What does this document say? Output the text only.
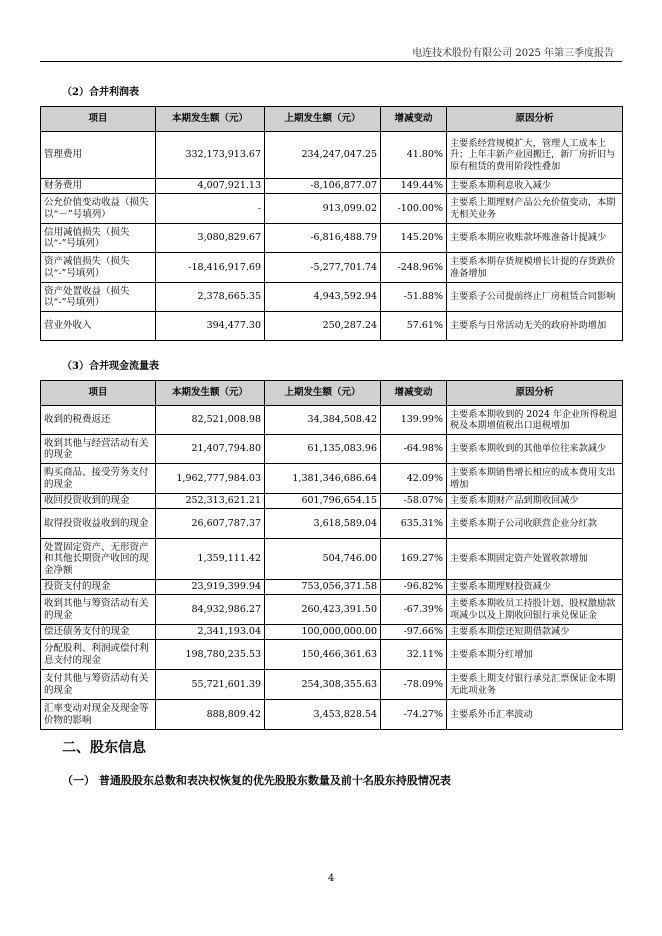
电连技术股份有限公司 2025 年第三季度报告
（2）合并利润表
项目	本期发生额（元）	上期发生额（元）	增减变动	原因分析
管理费用	332,173,913.67	234,247,047.25	41.80%	主要系经营规模扩大，管理人工成本上升；上年丰新产业园搬迁，新厂房折旧与原有租赁的费用阶段性叠加
财务费用	4,007,921.13	-8,106,877.07	149.44%	主要系本期利息收入减少
公允价值变动收益（损失以“－”号填列）	-	913,099.02	-100.00%	主要系上期理财产品公允价值变动，本期无相关业务
信用减值损失（损失以“-”号填列）	3,080,829.67	-6,816,488.79	145.20%	主要系本期应收账款坏账准备计提减少
资产减值损失（损失以“-”号填列）	-18,416,917.69	-5,277,701.74	-248.96%	主要系本期存货规模增长计提的存货跌价准备增加
资产处置收益（损失以“-”号填列）	2,378,665.35	4,943,592.94	-51.88%	主要系子公司提前终止厂房租赁合同影响
营业外收入	394,477.30	250,287.24	57.61%	主要系与日常活动无关的政府补助增加
（3）合并现金流量表
项目	本期发生额（元）	上期发生额（元）	增减变动	原因分析
收到的税费返还	82,521,008.98	34,384,508.42	139.99%	主要系本期收到的 2024 年企业所得税退税及本期增值税出口退税增加
收到其他与经营活动有关的现金	21,407,794.80	61,135,083.96	-64.98%	主要系本期收到的其他单位往来款减少
购买商品、接受劳务支付的现金	1,962,777,984.03	1,381,346,686.64	42.09%	主要系本期销售增长相应的成本费用支出增加
收回投资收到的现金	252,313,621.21	601,796,654.15	-58.07%	主要系本期财产品到期收回减少
取得投资收益收到的现金	26,607,787.37	3,618,589.04	635.31%	主要系本期子公司收联营企业分红款
处置固定资产、无形资产和其他长期资产收回的现金净额	1,359,111.42	504,746.00	169.27%	主要系本期固定资产处置收款增加
投资支付的现金	23,919,399.94	753,056,371.58	-96.82%	主要系本期理财投资减少
收到其他与筹资活动有关的现金	84,932,986.27	260,423,391.50	-67.39%	主要系本期收员工持股计划、股权激励款项减少以及上期收回银行承兑保证金
偿还债务支付的现金	2,341,193.04	100,000,000.00	-97.66%	主要系本期偿还短期借款减少
分配股利、利润或偿付利息支付的现金	198,780,235.53	150,466,361.63	32.11%	主要系本期分红增加
支付其他与筹资活动有关的现金	55,721,601.39	254,308,355.63	-78.09%	主要系上期支付银行承兑汇票保证金本期无此项业务
汇率变动对现金及现金等价物的影响	888,809.42	3,453,828.54	-74.27%	主要系外币汇率波动
二、股东信息
（一） 普通股股东总数和表决权恢复的优先股股东数量及前十名股东持股情况表
4
